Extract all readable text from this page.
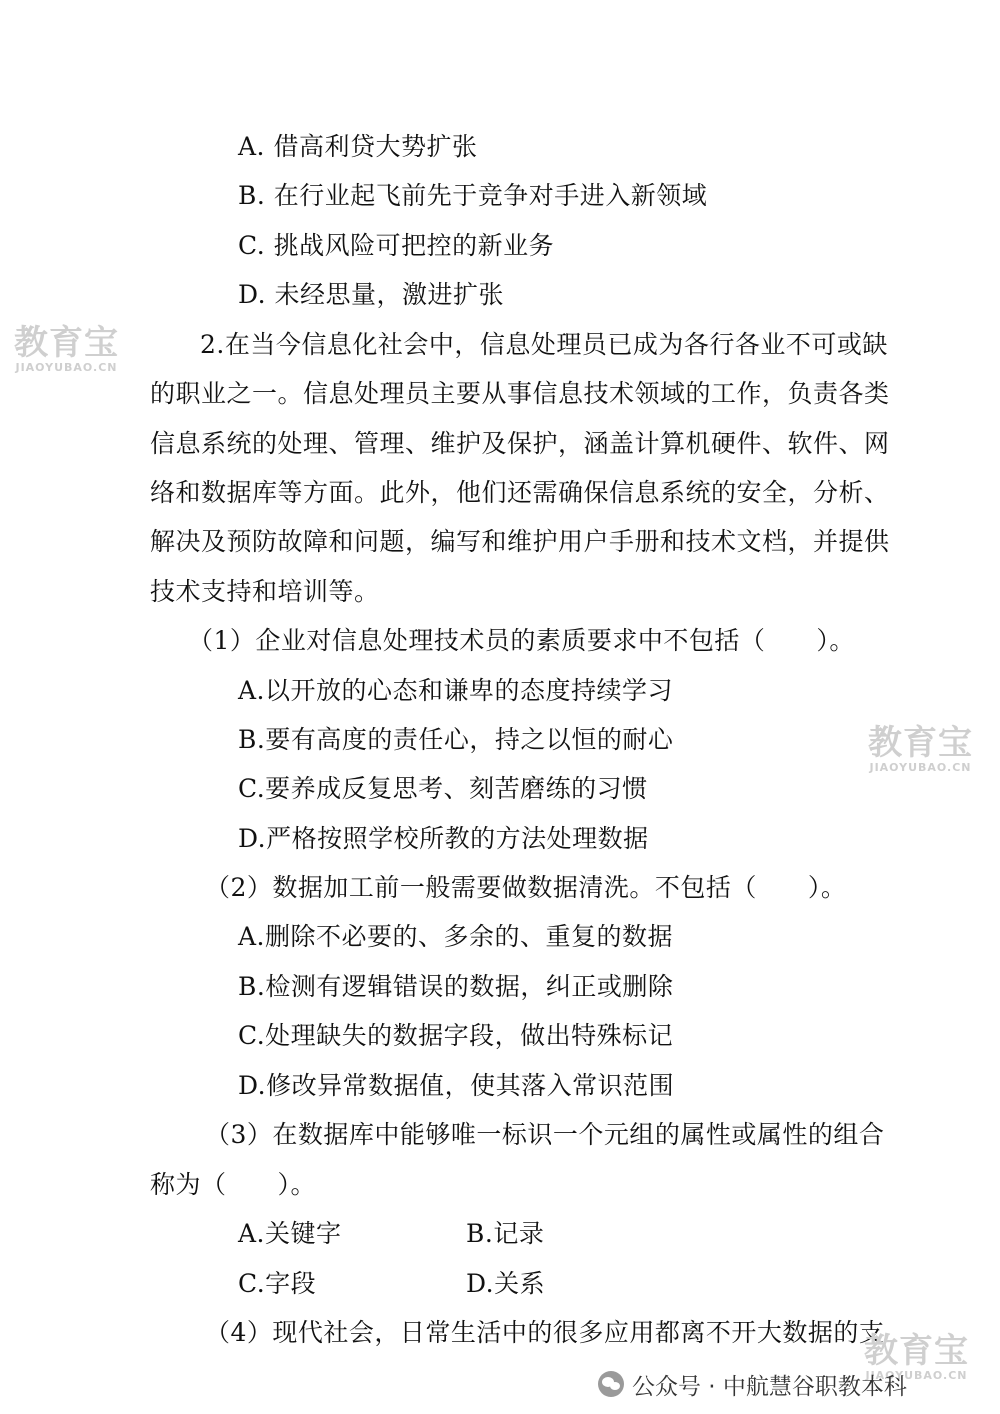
A. 借高利贷大势扩张
B. 在行业起飞前先于竞争对手进入新领域
C. 挑战风险可把控的新业务
D. 未经思量，激进扩张
2.在当今信息化社会中，信息处理员已成为各行各业不可或缺
的职业之一。信息处理员主要从事信息技术领域的工作，负责各类
信息系统的处理、管理、维护及保护，涵盖计算机硬件、软件、网
络和数据库等方面。此外，他们还需确保信息系统的安全，分析、
解决及预防故障和问题，编写和维护用户手册和技术文档，并提供
技术支持和培训等。
（1）企业对信息处理技术员的素质要求中不包括（　　）。
A.以开放的心态和谦卑的态度持续学习
B.要有高度的责任心，持之以恒的耐心
C.要养成反复思考、刻苦磨练的习惯
D.严格按照学校所教的方法处理数据
（2）数据加工前一般需要做数据清洗。不包括（　　）。
A.删除不必要的、多余的、重复的数据
B.检测有逻辑错误的数据，纠正或删除
C.处理缺失的数据字段，做出特殊标记
D.修改异常数据值，使其落入常识范围
（3）在数据库中能够唯一标识一个元组的属性或属性的组合
称为（　　）。
A.关键字	B.记录
C.字段	D.关系
（4）现代社会，日常生活中的很多应用都离不开大数据的支
教育宝
JIAOYUBAO.CN
教育宝
JIAOYUBAO.CN
教育宝
JIAOYUBAO.CN
公众号 · 中航慧谷职教本科
